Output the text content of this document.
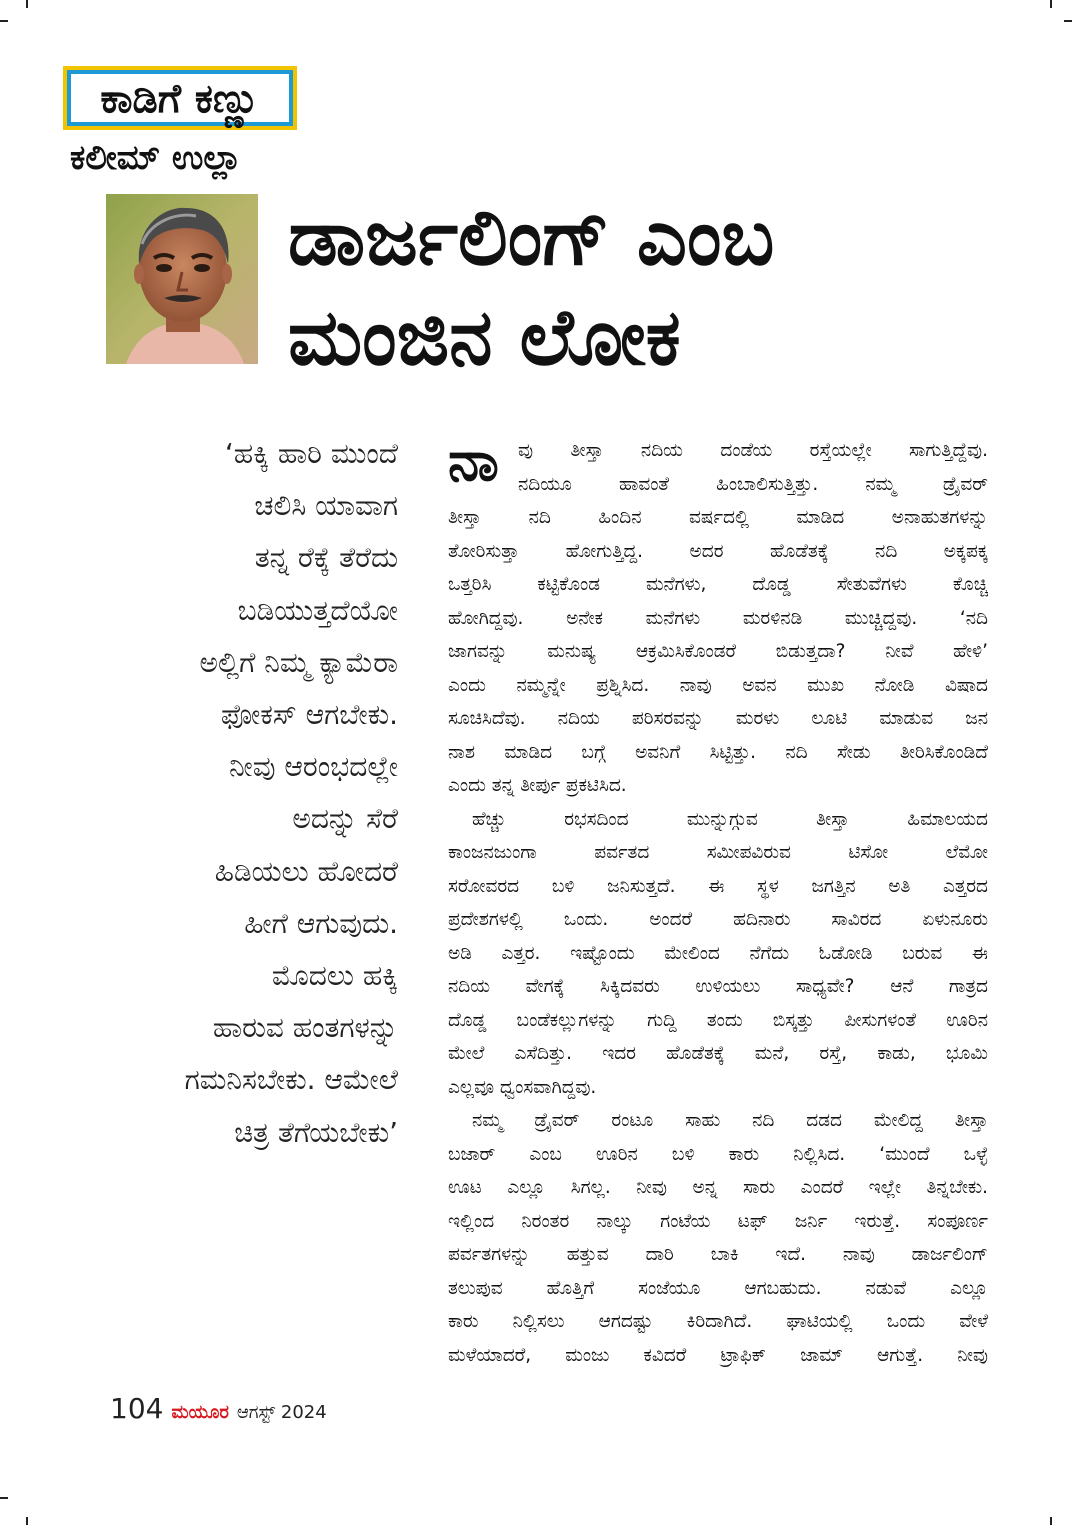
ಕಾಡಿಗೆ ಕಣ್ಣು
ಕಲೀಮ್ ಉಲ್ಲಾ
ಡಾರ್ಜಲಿಂಗ್ ಎಂಬ
ಮಂಜಿನ ಲೋಕ
‘ಹಕ್ಕಿ ಹಾರಿ ಮುಂದೆ
ಚಲಿಸಿ ಯಾವಾಗ
ತನ್ನ ರೆಕ್ಕೆ ತೆರೆದು
ಬಡಿಯುತ್ತದೆಯೋ
ಅಲ್ಲಿಗೆ ನಿಮ್ಮ ಕ್ಯಾಮೆರಾ
ಫೋಕಸ್ ಆಗಬೇಕು.
ನೀವು ಆರಂಭದಲ್ಲೇ
ಅದನ್ನು ಸೆರೆ
ಹಿಡಿಯಲು ಹೋದರೆ
ಹೀಗೆ ಆಗುವುದು.
ಮೊದಲು ಹಕ್ಕಿ
ಹಾರುವ ಹಂತಗಳನ್ನು
ಗಮನಿಸಬೇಕು. ಆಮೇಲೆ
ಚಿತ್ರ ತೆಗೆಯಬೇಕು’
ನಾ	ವು ತೀಸ್ತಾ ನದಿಯ ದಂಡೆಯ ರಸ್ತೆಯಲ್ಲೇ ಸಾಗುತ್ತಿದ್ದೆವು.
ನದಿಯೂ ಹಾವಂತೆ ಹಿಂಬಾಲಿಸುತ್ತಿತ್ತು. ನಮ್ಮ ಡ್ರೈವರ್
ತೀಸ್ತಾ ನದಿ ಹಿಂದಿನ ವರ್ಷದಲ್ಲಿ ಮಾಡಿದ ಅನಾಹುತಗಳನ್ನು
ತೋರಿಸುತ್ತಾ ಹೋಗುತ್ತಿದ್ದ. ಅದರ ಹೊಡೆತಕ್ಕೆ ನದಿ ಅಕ್ಕಪಕ್ಕ
ಒತ್ತರಿಸಿ ಕಟ್ಟಿಕೊಂಡ ಮನೆಗಳು, ದೊಡ್ಡ ಸೇತುವೆಗಳು ಕೊಚ್ಚಿ
ಹೋಗಿದ್ದವು. ಅನೇಕ ಮನೆಗಳು ಮರಳಿನಡಿ ಮುಚ್ಚಿದ್ದವು. ‘ನದಿ
ಜಾಗವನ್ನು ಮನುಷ್ಯ ಆಕ್ರಮಿಸಿಕೊಂಡರೆ ಬಿಡುತ್ತದಾ? ನೀವೆ ಹೇಳಿ’
ಎಂದು ನಮ್ಮನ್ನೇ ಪ್ರಶ್ನಿಸಿದ. ನಾವು ಅವನ ಮುಖ ನೋಡಿ ವಿಷಾದ
ಸೂಚಿಸಿದೆವು. ನದಿಯ ಪರಿಸರವನ್ನು ಮರಳು ಲೂಟಿ ಮಾಡುವ ಜನ
ನಾಶ ಮಾಡಿದ ಬಗ್ಗೆ ಅವನಿಗೆ ಸಿಟ್ಟಿತ್ತು. ನದಿ ಸೇಡು ತೀರಿಸಿಕೊಂಡಿದೆ
ಎಂದು ತನ್ನ ತೀರ್ಪು ಪ್ರಕಟಿಸಿದ.
ಹೆಚ್ಚು ರಭಸದಿಂದ ಮುನ್ನುಗ್ಗುವ ತೀಸ್ತಾ ಹಿಮಾಲಯದ
ಕಾಂಜನಜುಂಗಾ ಪರ್ವತದ ಸಮೀಪವಿರುವ ಟಿಸೋ ಲೆಮೋ
ಸರೋವರದ ಬಳಿ ಜನಿಸುತ್ತದೆ. ಈ ಸ್ಥಳ ಜಗತ್ತಿನ ಅತಿ ಎತ್ತರದ
ಪ್ರದೇಶಗಳಲ್ಲಿ ಒಂದು. ಅಂದರೆ ಹದಿನಾರು ಸಾವಿರದ ಏಳುನೂರು
ಅಡಿ ಎತ್ತರ. ಇಷ್ಟೊಂದು ಮೇಲಿಂದ ನೆಗೆದು ಓಡೋಡಿ ಬರುವ ಈ
ನದಿಯ ವೇಗಕ್ಕೆ ಸಿಕ್ಕಿದವರು ಉಳಿಯಲು ಸಾಧ್ಯವೇ? ಆನೆ ಗಾತ್ರದ
ದೊಡ್ಡ ಬಂಡೆಕಲ್ಲುಗಳನ್ನು ಗುದ್ದಿ ತಂದು ಬಿಸ್ಕತ್ತು ಪೀಸುಗಳಂತೆ ಊರಿನ
ಮೇಲೆ ಎಸೆದಿತ್ತು. ಇದರ ಹೊಡೆತಕ್ಕೆ ಮನೆ, ರಸ್ತೆ, ಕಾಡು, ಭೂಮಿ
ಎಲ್ಲವೂ ಧ್ವಂಸವಾಗಿದ್ದವು.
ನಮ್ಮ ಡ್ರೈವರ್ ರಂಟೂ ಸಾಹು ನದಿ ದಡದ ಮೇಲಿದ್ದ ತೀಸ್ತಾ
ಬಜಾರ್ ಎಂಬ ಊರಿನ ಬಳಿ ಕಾರು ನಿಲ್ಲಿಸಿದ. ‘ಮುಂದೆ ಒಳ್ಳೆ
ಊಟ ಎಲ್ಲೂ ಸಿಗಲ್ಲ. ನೀವು ಅನ್ನ ಸಾರು ಎಂದರೆ ಇಲ್ಲೇ ತಿನ್ನಬೇಕು.
ಇಲ್ಲಿಂದ ನಿರಂತರ ನಾಲ್ಕು ಗಂಟೆಯ ಟಫ್ ಜರ್ನಿ ಇರುತ್ತೆ. ಸಂಪೂರ್ಣ
ಪರ್ವತಗಳನ್ನು ಹತ್ತುವ ದಾರಿ ಬಾಕಿ ಇದೆ. ನಾವು ಡಾರ್ಜಲಿಂಗ್
ತಲುಪುವ ಹೊತ್ತಿಗೆ ಸಂಜೆಯೂ ಆಗಬಹುದು. ನಡುವೆ ಎಲ್ಲೂ
ಕಾರು ನಿಲ್ಲಿಸಲು ಆಗದಷ್ಟು ಕಿರಿದಾಗಿದೆ. ಘಾಟಿಯಲ್ಲಿ ಒಂದು ವೇಳೆ
ಮಳೆಯಾದರೆ, ಮಂಜು ಕವಿದರೆ ಟ್ರಾಫಿಕ್ ಜಾಮ್ ಆಗುತ್ತೆ. ನೀವು
104 ಮಯೂರ ಆಗಸ್ಟ್ 2024
